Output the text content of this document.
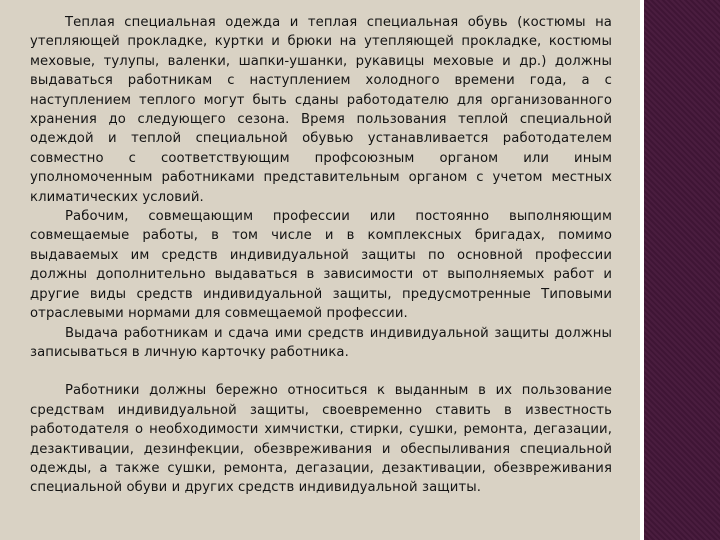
Теплая специальная одежда и теплая специальная обувь (костюмы на утепляющей прокладке, куртки и брюки на утепляющей прокладке, костюмы меховые, тулупы, валенки, шапки-ушанки, рукавицы меховые и др.) должны выдаваться работникам с наступлением холодного времени года, а с наступлением теплого могут быть сданы работодателю для организованного хранения до следующего сезона. Время пользования теплой специальной одеждой и теплой специальной обувью устанавливается работодателем совместно с соответствующим профсоюзным органом или иным уполномоченным работниками представительным органом с учетом местных климатических условий.

Рабочим, совмещающим профессии или постоянно выполняющим совмещаемые работы, в том числе и в комплексных бригадах, помимо выдаваемых им средств индивидуальной защиты по основной профессии должны дополнительно выдаваться в зависимости от выполняемых работ и другие виды средств индивидуальной защиты, предусмотренные Типовыми отраслевыми нормами для совмещаемой профессии.

Выдача работникам и сдача ими средств индивидуальной защиты должны записываться в личную карточку работника.

Работники должны бережно относиться к выданным в их пользование средствам индивидуальной защиты, своевременно ставить в известность работодателя о необходимости химчистки, стирки, сушки, ремонта, дегазации, дезактивации, дезинфекции, обезвреживания и обеспыливания специальной одежды, а также сушки, ремонта, дегазации, дезактивации, обезвреживания специальной обуви и других средств индивидуальной защиты.
